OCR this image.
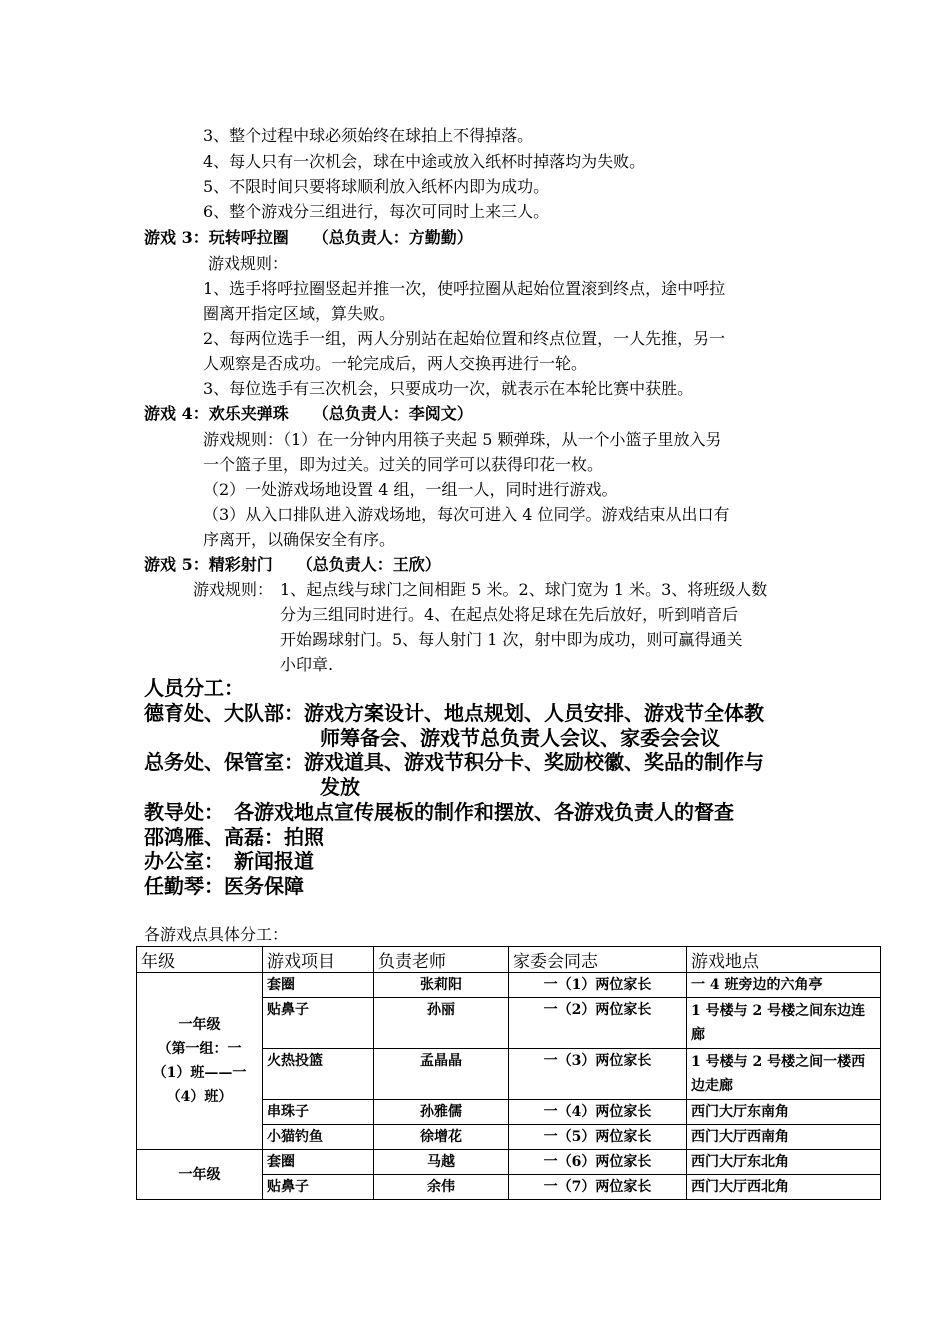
3、整个过程中球必须始终在球拍上不得掉落。
4、每人只有一次机会，球在中途或放入纸杯时掉落均为失败。
5、不限时间只要将球顺利放入纸杯内即为成功。
6、整个游戏分三组进行，每次可同时上来三人。
游戏 3：玩转呼拉圈　　（总负责人：方勤勤）
游戏规则：
1、选手将呼拉圈竖起并推一次，使呼拉圈从起始位置滚到终点，途中呼拉
圈离开指定区域，算失败。
2、每两位选手一组，两人分别站在起始位置和终点位置，一人先推，另一
人观察是否成功。一轮完成后，两人交换再进行一轮。
3、每位选手有三次机会，只要成功一次，就表示在本轮比赛中获胜。
游戏 4：欢乐夹弹珠　　（总负责人：李阅文）
游戏规则：（1）在一分钟内用筷子夹起 5 颗弹珠，从一个小篮子里放入另
一个篮子里，即为过关。过关的同学可以获得印花一枚。
（2）一处游戏场地设置 4 组，一组一人，同时进行游戏。
（3）从入口排队进入游戏场地，每次可进入 4 位同学。游戏结束从出口有
序离开，以确保安全有序。
游戏 5：精彩射门　　（总负责人：王欣）
游戏规则： 1、起点线与球门之间相距 5 米。2、球门宽为 1 米。3、将班级人数
分为三组同时进行。4、在起点处将足球在先后放好，听到哨音后
开始踢球射门。5、每人射门 1 次，射中即为成功，则可赢得通关
小印章.
人员分工：
德育处、大队部：游戏方案设计、地点规划、人员安排、游戏节全体教
师筹备会、游戏节总负责人会议、家委会会议
总务处、保管室：游戏道具、游戏节积分卡、奖励校徽、奖品的制作与
发放
教导处：　各游戏地点宣传展板的制作和摆放、各游戏负责人的督查
邵鸿雁、高磊：拍照
办公室：　新闻报道
任勤琴：医务保障
各游戏点具体分工：
年级	游戏项目	负责老师	家委会同志	游戏地点

一年级
（第一组：一
（1）班——一
（4）班）	套圈	张莉阳	一（1）两位家长	一 4 班旁边的六角亭
	贴鼻子	孙丽	一（2）两位家长	1 号楼与 2 号楼之间东边连廊
	火热投篮	孟晶晶	一（3）两位家长	1 号楼与 2 号楼之间一楼西边走廊
	串珠子	孙雅儒	一（4）两位家长	西门大厅东南角
	小猫钓鱼	徐增花	一（5）两位家长	西门大厅西南角
一年级	套圈	马越	一（6）两位家长	西门大厅东北角
	贴鼻子	余伟	一（7）两位家长	西门大厅西北角
